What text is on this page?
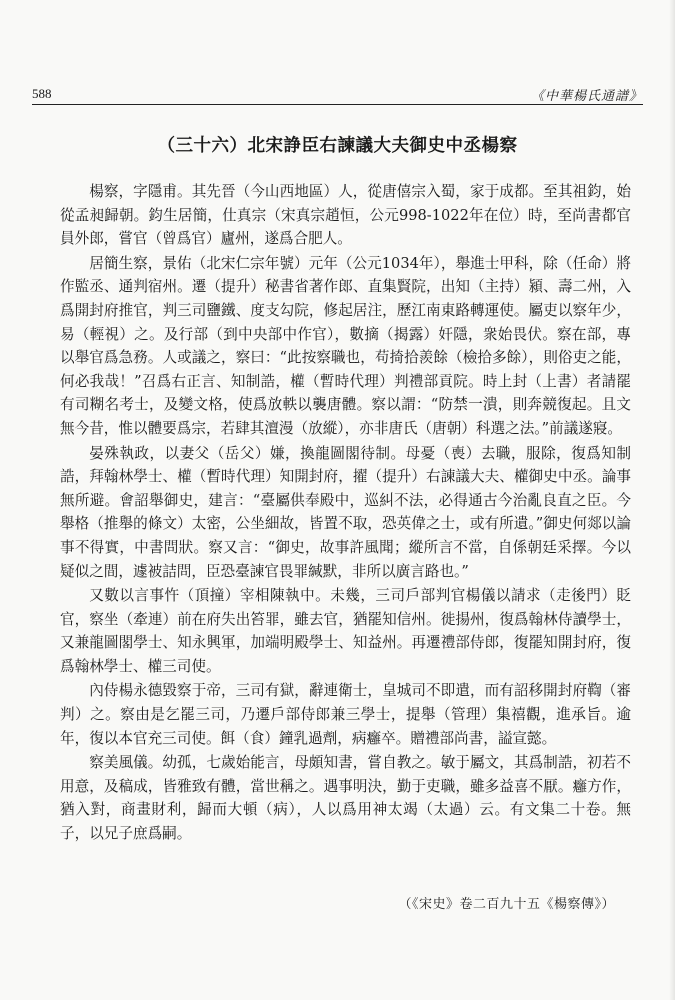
588	《中華楊氏通譜》
（三十六）北宋諍臣右諫議大夫御史中丞楊察

楊察，字隱甫。其先晉（今山西地區）人，從唐僖宗入蜀，家于成都。至其祖鈞，始從孟昶歸朝。鈞生居簡，仕真宗（宋真宗趙恒，公元998-1022年在位）時，至尚書都官員外郎，嘗官（曾爲官）廬州，遂爲合肥人。

居簡生察，景佑（北宋仁宗年號）元年（公元1034年），舉進士甲科，除（任命）將作監丞、通判宿州。遷（提升）秘書省著作郎、直集賢院，出知（主持）潁、壽二州，入爲開封府推官，判三司鹽鐵、度支勾院，修起居注，歷江南東路轉運使。屬吏以察年少，易（輕視）之。及行部（到中央部中作官），數摘（揭露）奸隱，衆始畏伏。察在部，專以舉官爲急務。人或議之，察曰：“此按察職也，苟掎拾羨餘（檢拾多餘），則俗吏之能，何必我哉！”召爲右正言、知制誥，權（暫時代理）判禮部貢院。時上封（上書）者請罷有司糊名考士，及變文格，使爲放軼以襲唐體。察以謂：“防禁一潰，則奔競復起。且文無今昔，惟以體要爲宗，若肆其澶漫（放縱），亦非唐氏（唐朝）科選之法。”前議遂寢。

晏殊執政，以妻父（岳父）嫌，換龍圖閣待制。母憂（喪）去職，服除，復爲知制誥，拜翰林學士、權（暫時代理）知開封府，擢（提升）右諫議大夫、權御史中丞。論事無所避。會詔舉御史，建言：“臺屬供奉殿中，巡糾不法，必得通古今治亂良直之臣。今舉格（推舉的條文）太密，公坐細故，皆置不取，恐英偉之士，或有所遺。”御史何郯以論事不得實，中書問狀。察又言：“御史，故事許風聞；縱所言不當，自係朝廷采擇。今以疑似之間，遽被詰問，臣恐臺諫官畏罪緘默，非所以廣言路也。”

又數以言事忤（頂撞）宰相陳執中。未幾，三司戶部判官楊儀以請求（走後門）貶官，察坐（牽連）前在府失出笞罪，雖去官，猶罷知信州。徙揚州，復爲翰林侍讀學士，又兼龍圖閣學士、知永興軍，加端明殿學士、知益州。再遷禮部侍郎，復罷知開封府，復爲翰林學士、權三司使。

內侍楊永德毀察于帝，三司有獄，辭連衛士，皇城司不即遣，而有詔移開封府鞫（審判）之。察由是乞罷三司，乃遷戶部侍郎兼三學士，提舉（管理）集禧觀，進承旨。逾年，復以本官充三司使。餌（食）鐘乳過劑，病癰卒。贈禮部尚書，謚宣懿。

察美風儀。幼孤，七歲始能言，母頗知書，嘗自教之。敏于屬文，其爲制誥，初若不用意，及稿成，皆雅致有體，當世稱之。遇事明決，勤于吏職，雖多益喜不厭。癰方作，猶入對，商畫財利，歸而大頓（病），人以爲用神太竭（太過）云。有文集二十卷。無子，以兄子庶爲嗣。

（《宋史》卷二百九十五《楊察傳》）
